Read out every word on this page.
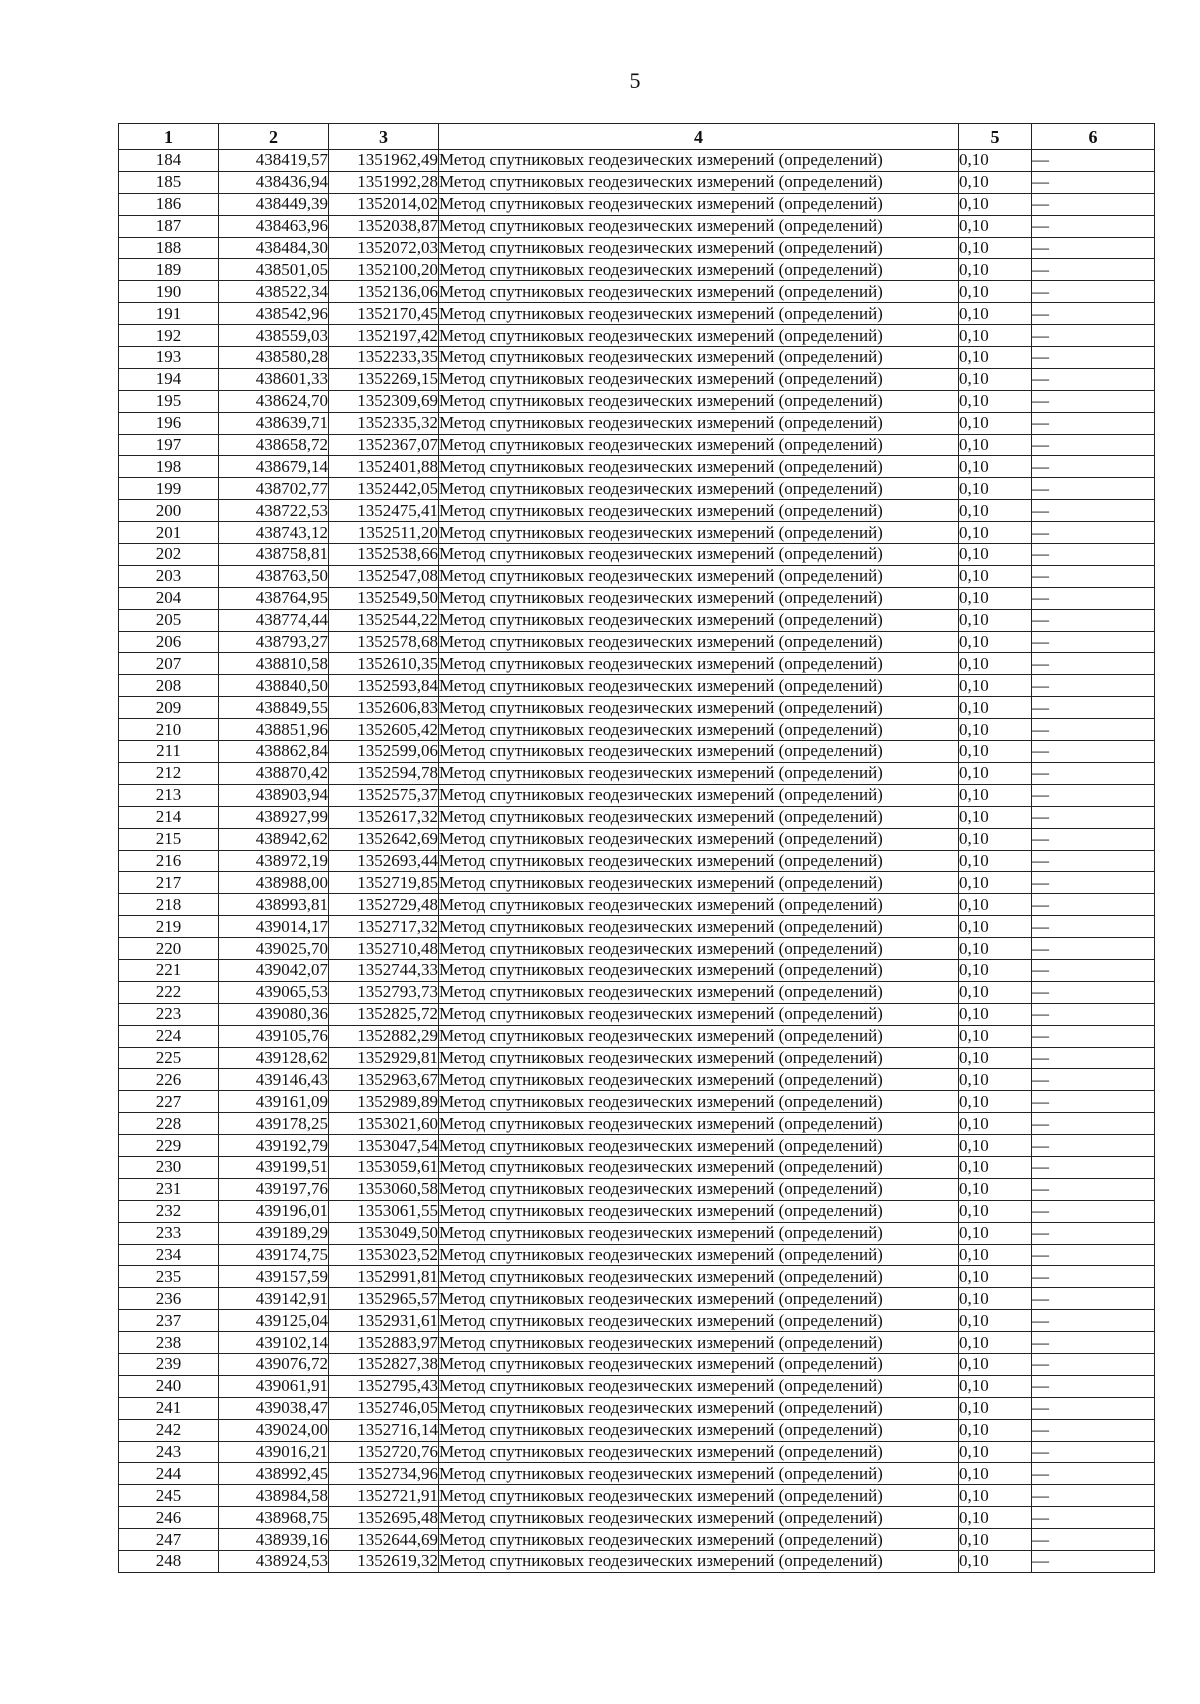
5
1	2	3	4	5	6
184	438419,57	1351962,49	Метод спутниковых геодезических измерений (определений)	0,10	—
185	438436,94	1351992,28	Метод спутниковых геодезических измерений (определений)	0,10	—
186	438449,39	1352014,02	Метод спутниковых геодезических измерений (определений)	0,10	—
187	438463,96	1352038,87	Метод спутниковых геодезических измерений (определений)	0,10	—
188	438484,30	1352072,03	Метод спутниковых геодезических измерений (определений)	0,10	—
189	438501,05	1352100,20	Метод спутниковых геодезических измерений (определений)	0,10	—
190	438522,34	1352136,06	Метод спутниковых геодезических измерений (определений)	0,10	—
191	438542,96	1352170,45	Метод спутниковых геодезических измерений (определений)	0,10	—
192	438559,03	1352197,42	Метод спутниковых геодезических измерений (определений)	0,10	—
193	438580,28	1352233,35	Метод спутниковых геодезических измерений (определений)	0,10	—
194	438601,33	1352269,15	Метод спутниковых геодезических измерений (определений)	0,10	—
195	438624,70	1352309,69	Метод спутниковых геодезических измерений (определений)	0,10	—
196	438639,71	1352335,32	Метод спутниковых геодезических измерений (определений)	0,10	—
197	438658,72	1352367,07	Метод спутниковых геодезических измерений (определений)	0,10	—
198	438679,14	1352401,88	Метод спутниковых геодезических измерений (определений)	0,10	—
199	438702,77	1352442,05	Метод спутниковых геодезических измерений (определений)	0,10	—
200	438722,53	1352475,41	Метод спутниковых геодезических измерений (определений)	0,10	—
201	438743,12	1352511,20	Метод спутниковых геодезических измерений (определений)	0,10	—
202	438758,81	1352538,66	Метод спутниковых геодезических измерений (определений)	0,10	—
203	438763,50	1352547,08	Метод спутниковых геодезических измерений (определений)	0,10	—
204	438764,95	1352549,50	Метод спутниковых геодезических измерений (определений)	0,10	—
205	438774,44	1352544,22	Метод спутниковых геодезических измерений (определений)	0,10	—
206	438793,27	1352578,68	Метод спутниковых геодезических измерений (определений)	0,10	—
207	438810,58	1352610,35	Метод спутниковых геодезических измерений (определений)	0,10	—
208	438840,50	1352593,84	Метод спутниковых геодезических измерений (определений)	0,10	—
209	438849,55	1352606,83	Метод спутниковых геодезических измерений (определений)	0,10	—
210	438851,96	1352605,42	Метод спутниковых геодезических измерений (определений)	0,10	—
211	438862,84	1352599,06	Метод спутниковых геодезических измерений (определений)	0,10	—
212	438870,42	1352594,78	Метод спутниковых геодезических измерений (определений)	0,10	—
213	438903,94	1352575,37	Метод спутниковых геодезических измерений (определений)	0,10	—
214	438927,99	1352617,32	Метод спутниковых геодезических измерений (определений)	0,10	—
215	438942,62	1352642,69	Метод спутниковых геодезических измерений (определений)	0,10	—
216	438972,19	1352693,44	Метод спутниковых геодезических измерений (определений)	0,10	—
217	438988,00	1352719,85	Метод спутниковых геодезических измерений (определений)	0,10	—
218	438993,81	1352729,48	Метод спутниковых геодезических измерений (определений)	0,10	—
219	439014,17	1352717,32	Метод спутниковых геодезических измерений (определений)	0,10	—
220	439025,70	1352710,48	Метод спутниковых геодезических измерений (определений)	0,10	—
221	439042,07	1352744,33	Метод спутниковых геодезических измерений (определений)	0,10	—
222	439065,53	1352793,73	Метод спутниковых геодезических измерений (определений)	0,10	—
223	439080,36	1352825,72	Метод спутниковых геодезических измерений (определений)	0,10	—
224	439105,76	1352882,29	Метод спутниковых геодезических измерений (определений)	0,10	—
225	439128,62	1352929,81	Метод спутниковых геодезических измерений (определений)	0,10	—
226	439146,43	1352963,67	Метод спутниковых геодезических измерений (определений)	0,10	—
227	439161,09	1352989,89	Метод спутниковых геодезических измерений (определений)	0,10	—
228	439178,25	1353021,60	Метод спутниковых геодезических измерений (определений)	0,10	—
229	439192,79	1353047,54	Метод спутниковых геодезических измерений (определений)	0,10	—
230	439199,51	1353059,61	Метод спутниковых геодезических измерений (определений)	0,10	—
231	439197,76	1353060,58	Метод спутниковых геодезических измерений (определений)	0,10	—
232	439196,01	1353061,55	Метод спутниковых геодезических измерений (определений)	0,10	—
233	439189,29	1353049,50	Метод спутниковых геодезических измерений (определений)	0,10	—
234	439174,75	1353023,52	Метод спутниковых геодезических измерений (определений)	0,10	—
235	439157,59	1352991,81	Метод спутниковых геодезических измерений (определений)	0,10	—
236	439142,91	1352965,57	Метод спутниковых геодезических измерений (определений)	0,10	—
237	439125,04	1352931,61	Метод спутниковых геодезических измерений (определений)	0,10	—
238	439102,14	1352883,97	Метод спутниковых геодезических измерений (определений)	0,10	—
239	439076,72	1352827,38	Метод спутниковых геодезических измерений (определений)	0,10	—
240	439061,91	1352795,43	Метод спутниковых геодезических измерений (определений)	0,10	—
241	439038,47	1352746,05	Метод спутниковых геодезических измерений (определений)	0,10	—
242	439024,00	1352716,14	Метод спутниковых геодезических измерений (определений)	0,10	—
243	439016,21	1352720,76	Метод спутниковых геодезических измерений (определений)	0,10	—
244	438992,45	1352734,96	Метод спутниковых геодезических измерений (определений)	0,10	—
245	438984,58	1352721,91	Метод спутниковых геодезических измерений (определений)	0,10	—
246	438968,75	1352695,48	Метод спутниковых геодезических измерений (определений)	0,10	—
247	438939,16	1352644,69	Метод спутниковых геодезических измерений (определений)	0,10	—
248	438924,53	1352619,32	Метод спутниковых геодезических измерений (определений)	0,10	—
